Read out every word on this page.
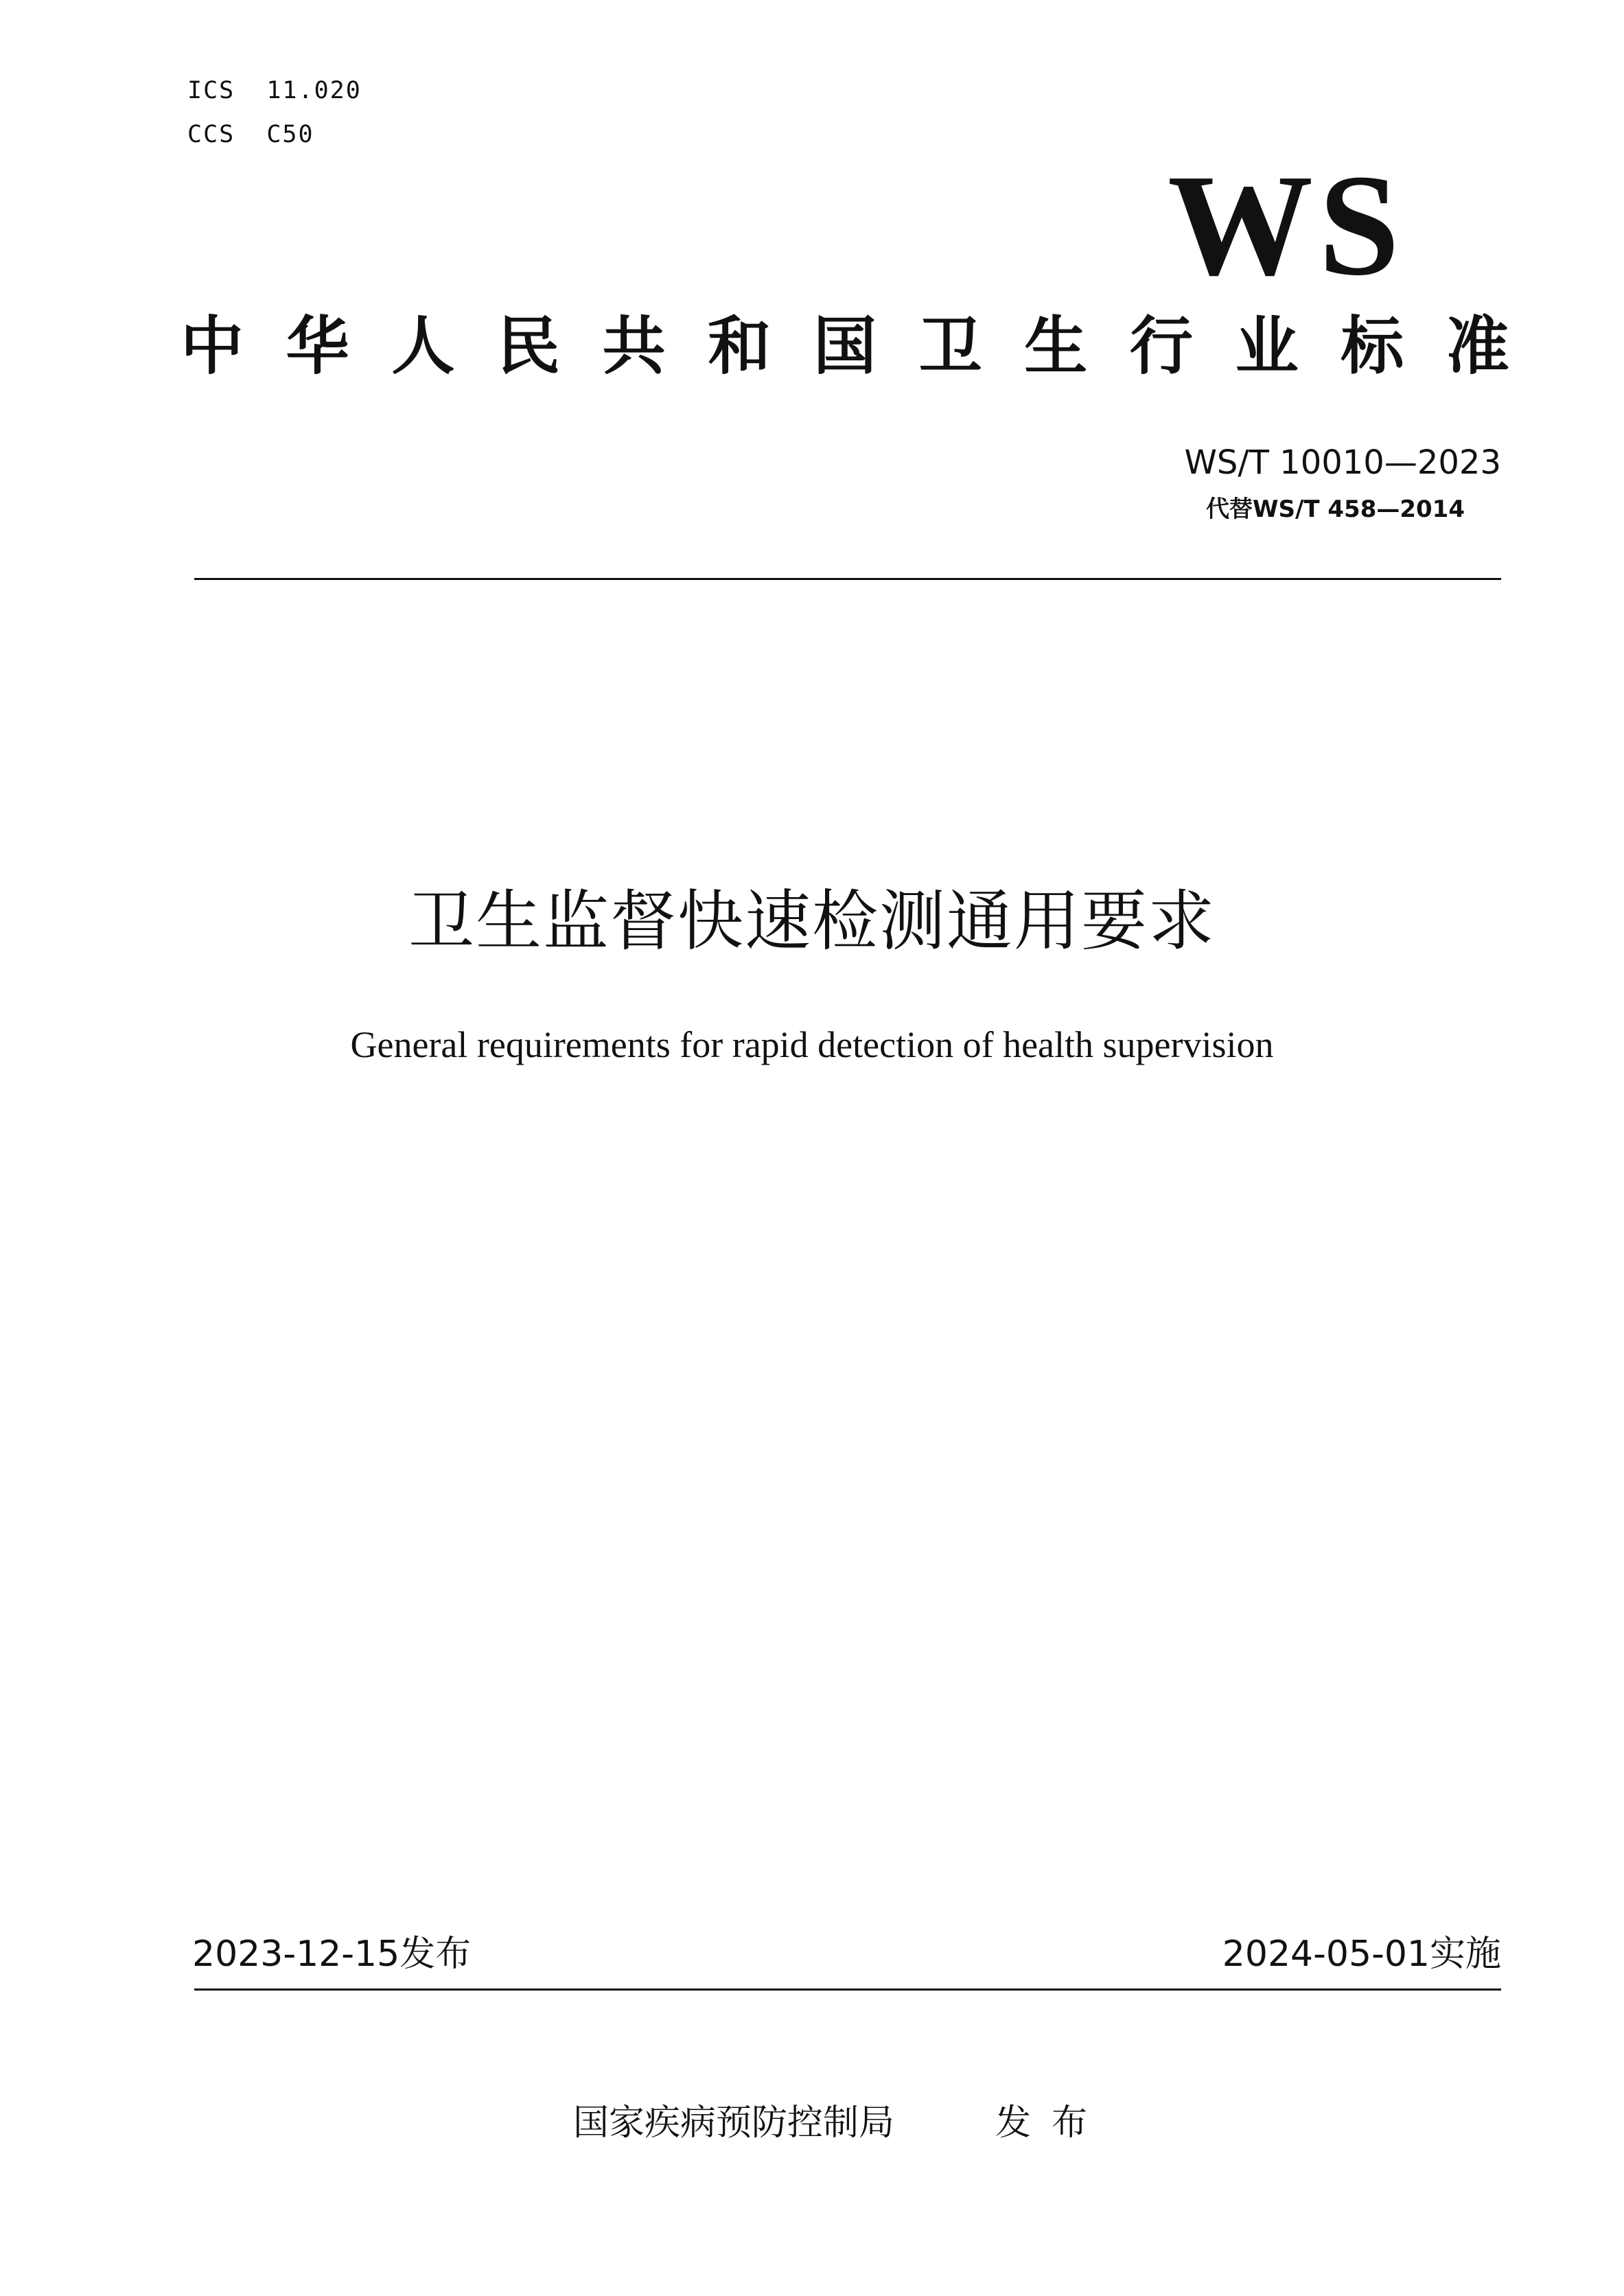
ICS  11.020
CCS  C50
WS
中 华 人 民 共 和 国 卫 生 行 业 标 准
WS/T 10010—2023
代替WS/T 458—2014
卫生监督快速检测通用要求
General requirements for rapid detection of health supervision
2023-12-15发布	2024-05-01实施
国家疾病预防控制局	发布
